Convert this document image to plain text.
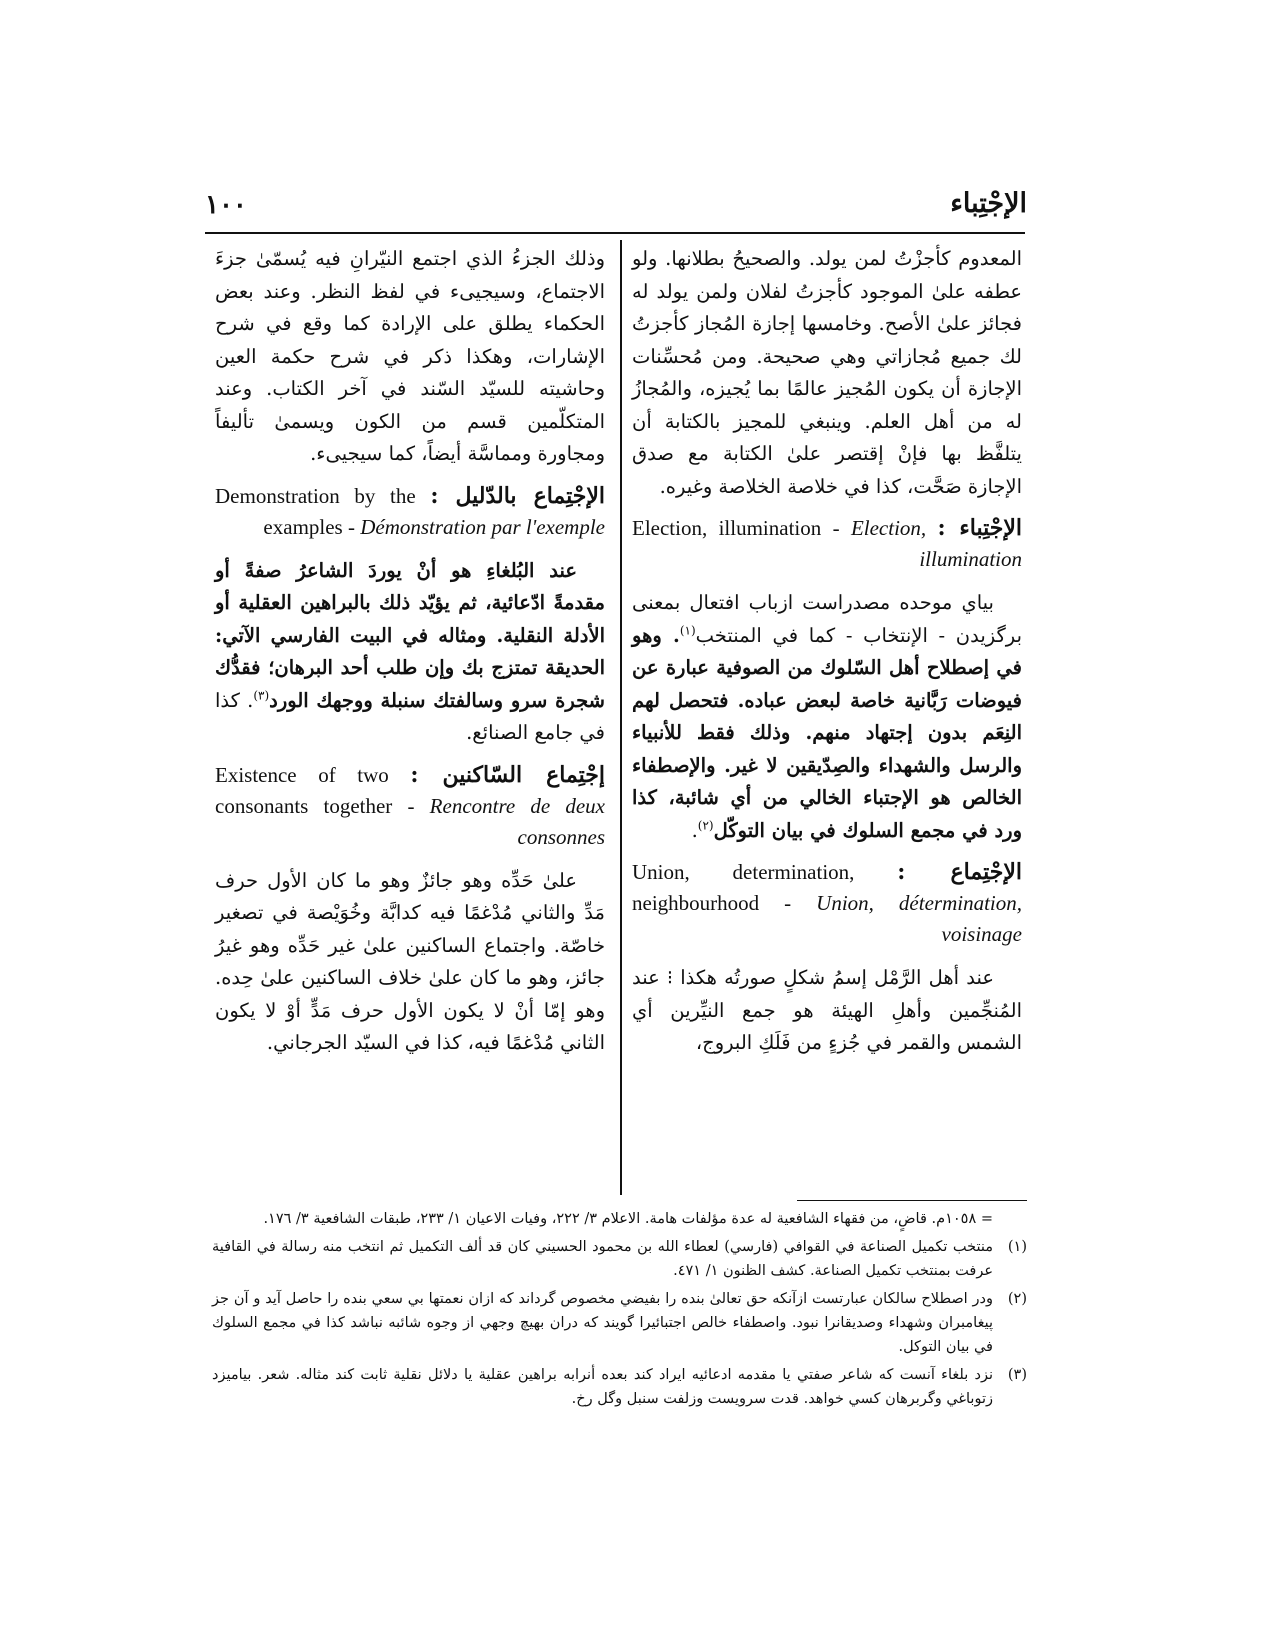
الإجْتِباء
١٠٠

المعدوم كأجزْتُ لمن يولد. والصحيحُ بطلانها. ولو عطفه علىٰ الموجود كأجزتُ لفلان ولمن يولد له فجائز علىٰ الأصح. وخامسها إجازة المُجاز كأجزتُ لك جميع مُجازاتي وهي صحيحة. ومن مُحسِّنات الإجازة أن يكون المُجيز عالمًا بما يُجيزه، والمُجازُ له من أهل العلم. وينبغي للمجيز بالكتابة أن يتلفَّظ بها فإنْ إقتصر علىٰ الكتابة مع صدق الإجازة صَحَّت، كذا في خلاصة الخلاصة وغيره.

الإجْتِباء : Election, illumination - Election, illumination

بياي موحده مصدراست ازباب افتعال بمعنى برگزيدن - الإنتخاب - كما في المنتخب$^{(١)}$. وهو في إصطلاح أهل السّلوك من الصوفية عبارة عن فيوضات رَبَّانية خاصة لبعض عباده. فتحصل لهم النِعَم بدون إجتهاد منهم. وذلك فقط للأنبياء والرسل والشهداء والصِدّيقين لا غير. والإصطفاء الخالص هو الإجتباء الخالي من أي شائبة، كذا ورد في مجمع السلوك في بيان التوكّل$^{(٢)}$.

الإجْتِماع : Union, determination, neighbourhood - Union, détermination, voisinage

عند أهل الرَّمْل إسمُ شكلٍ صورتُه هكذا ⁝ عند المُنجِّمين وأهلِ الهيئة هو جمع النيِّرين أي الشمس والقمر في جُزءٍ من فَلَكِ البروج،

وذلك الجزءُ الذي اجتمع النيّرانِ فيه يُسمّىٰ جزءَ الاجتماع، وسيجيىء في لفظ النظر. وعند بعض الحكماء يطلق على الإرادة كما وقع في شرح الإشارات، وهكذا ذكر في شرح حكمة العين وحاشيته للسيّد السّند في آخر الكتاب. وعند المتكلّمين قسم من الكون ويسمىٰ تأليفاً ومجاورة ومماسَّة أيضاً، كما سيجيىء.

الإجْتِماع بالدّليل : Demonstration by the examples - Démonstration par l'exemple

عند البُلغاءِ هو أنْ يوردَ الشاعرُ صفةً أو مقدمةً ادّعائية، ثم يؤيّد ذلك بالبراهين العقلية أو الأدلة النقلية. ومثاله في البيت الفارسي الآتي: الحديقة تمتزج بك وإن طلب أحد البرهان؛ فقدُّك شجرة سرو وسالفتك سنبلة ووجهك الورد$^{(٣)}$. كذا في جامع الصنائع.

إجْتِماع السّاكنين : Existence of two consonants together - Rencontre de deux consonnes

علىٰ حَدِّه وهو جائزٌ وهو ما كان الأول حرف مَدِّ والثاني مُدْغمًا فيه كدابَّة وخُوَيْصة في تصغير خاصّة. واجتماع الساكنين علىٰ غير حَدِّه وهو غيرُ جائز، وهو ما كان علىٰ خلاف الساكنين علىٰ حِده. وهو إمّا أنْ لا يكون الأول حرف مَدٍّ أوْ لا يكون الثاني مُدْغمًا فيه، كذا في السيّد الجرجاني.

= ١٠٥٨م. قاضٍ، من فقهاء الشافعية له عدة مؤلفات هامة. الاعلام ٣/ ٢٢٢، وفيات الاعيان ١/ ٢٣٣، طبقات الشافعية ٣/ ١٧٦.
(١)
منتخب تكميل الصناعة في القوافي (فارسي) لعطاء الله بن محمود الحسيني كان قد ألف التكميل ثم انتخب منه رسالة في القافية عرفت بمنتخب تكميل الصناعة. كشف الظنون ١/ ٤٧١.
(٢)
ودر اصطلاح سالكان عبارتست ازآنكه حق تعالىٰ بنده را بفيضي مخصوص گرداند كه ازان نعمتها بي سعي بنده را حاصل آيد و آن جز پيغامبران وشهداء وصديقانرا نبود. واصطفاء خالص اجتبائيرا گويند كه دران بهيچ وجهي از وجوه شائبه نباشد كذا في مجمع السلوك في بيان التوكل.
(٣)
نزد بلغاء آنست كه شاعر صفتي يا مقدمه ادعائيه ايراد كند بعده أنرابه براهين عقلية يا دلائل نقلية ثابت كند مثاله. شعر. بياميزد زتوباغي وگربرهان كسي خواهد. قدت سرويست وزلفت سنبل وگل رخ.
